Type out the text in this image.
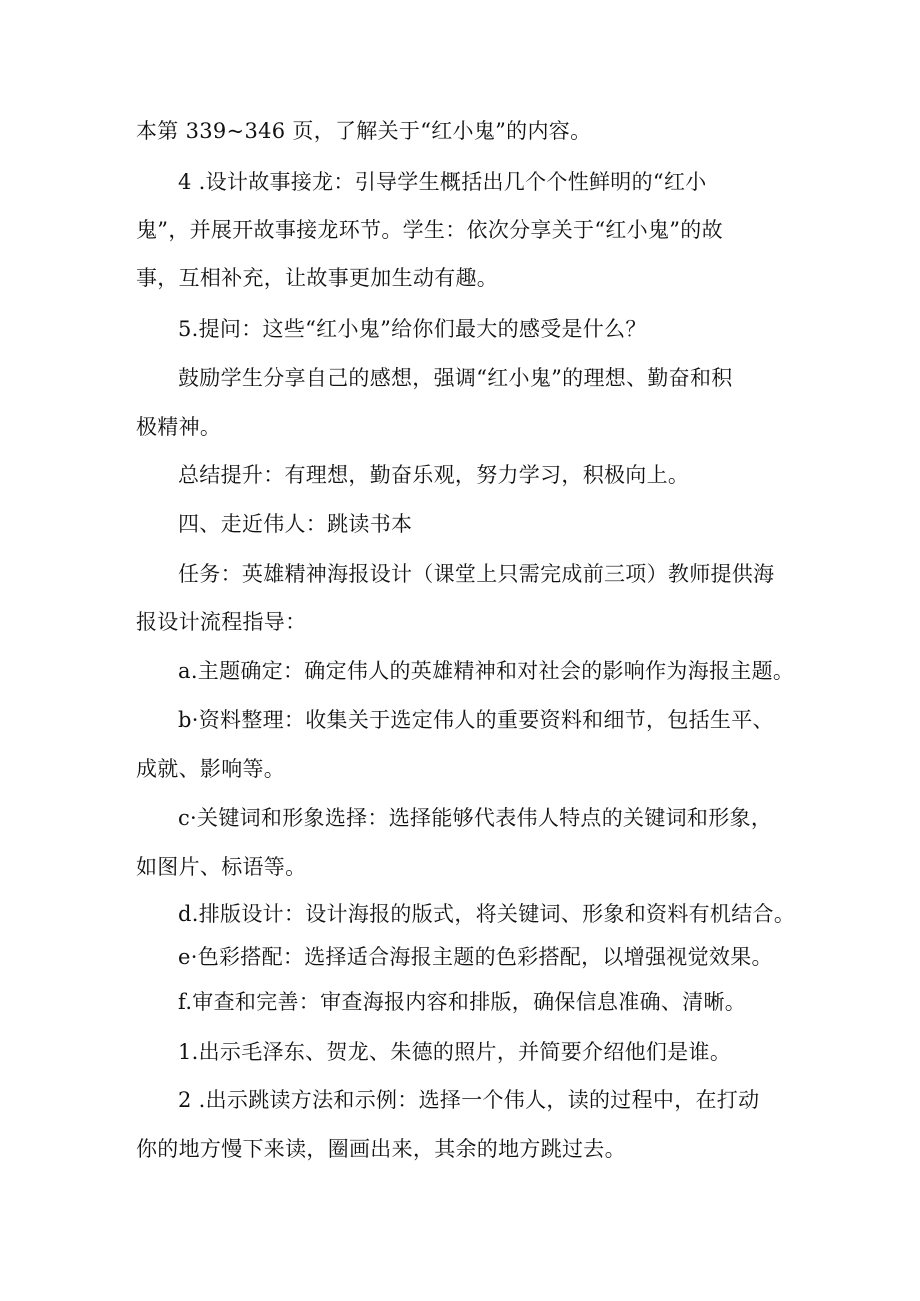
本第 339~346 页，了解关于“红小鬼”的内容。
4 .设计故事接龙：引导学生概括出几个个性鲜明的“红小
鬼”，并展开故事接龙环节。学生：依次分享关于“红小鬼”的故
事，互相补充，让故事更加生动有趣。
5.提问：这些“红小鬼”给你们最大的感受是什么？
鼓励学生分享自己的感想，强调“红小鬼”的理想、勤奋和积
极精神。
总结提升：有理想，勤奋乐观，努力学习，积极向上。
四、走近伟人：跳读书本
任务：英雄精神海报设计（课堂上只需完成前三项）教师提供海
报设计流程指导：
a.主题确定：确定伟人的英雄精神和对社会的影响作为海报主题。
b·资料整理：收集关于选定伟人的重要资料和细节，包括生平、
成就、影响等。
c·关键词和形象选择：选择能够代表伟人特点的关键词和形象，
如图片、标语等。
d.排版设计：设计海报的版式，将关键词、形象和资料有机结合。
e·色彩搭配：选择适合海报主题的色彩搭配，以增强视觉效果。
f.审查和完善：审查海报内容和排版，确保信息准确、清晰。
1.出示毛泽东、贺龙、朱德的照片，并简要介绍他们是谁。
2 .出示跳读方法和示例：选择一个伟人，读的过程中，在打动
你的地方慢下来读，圈画出来，其余的地方跳过去。
